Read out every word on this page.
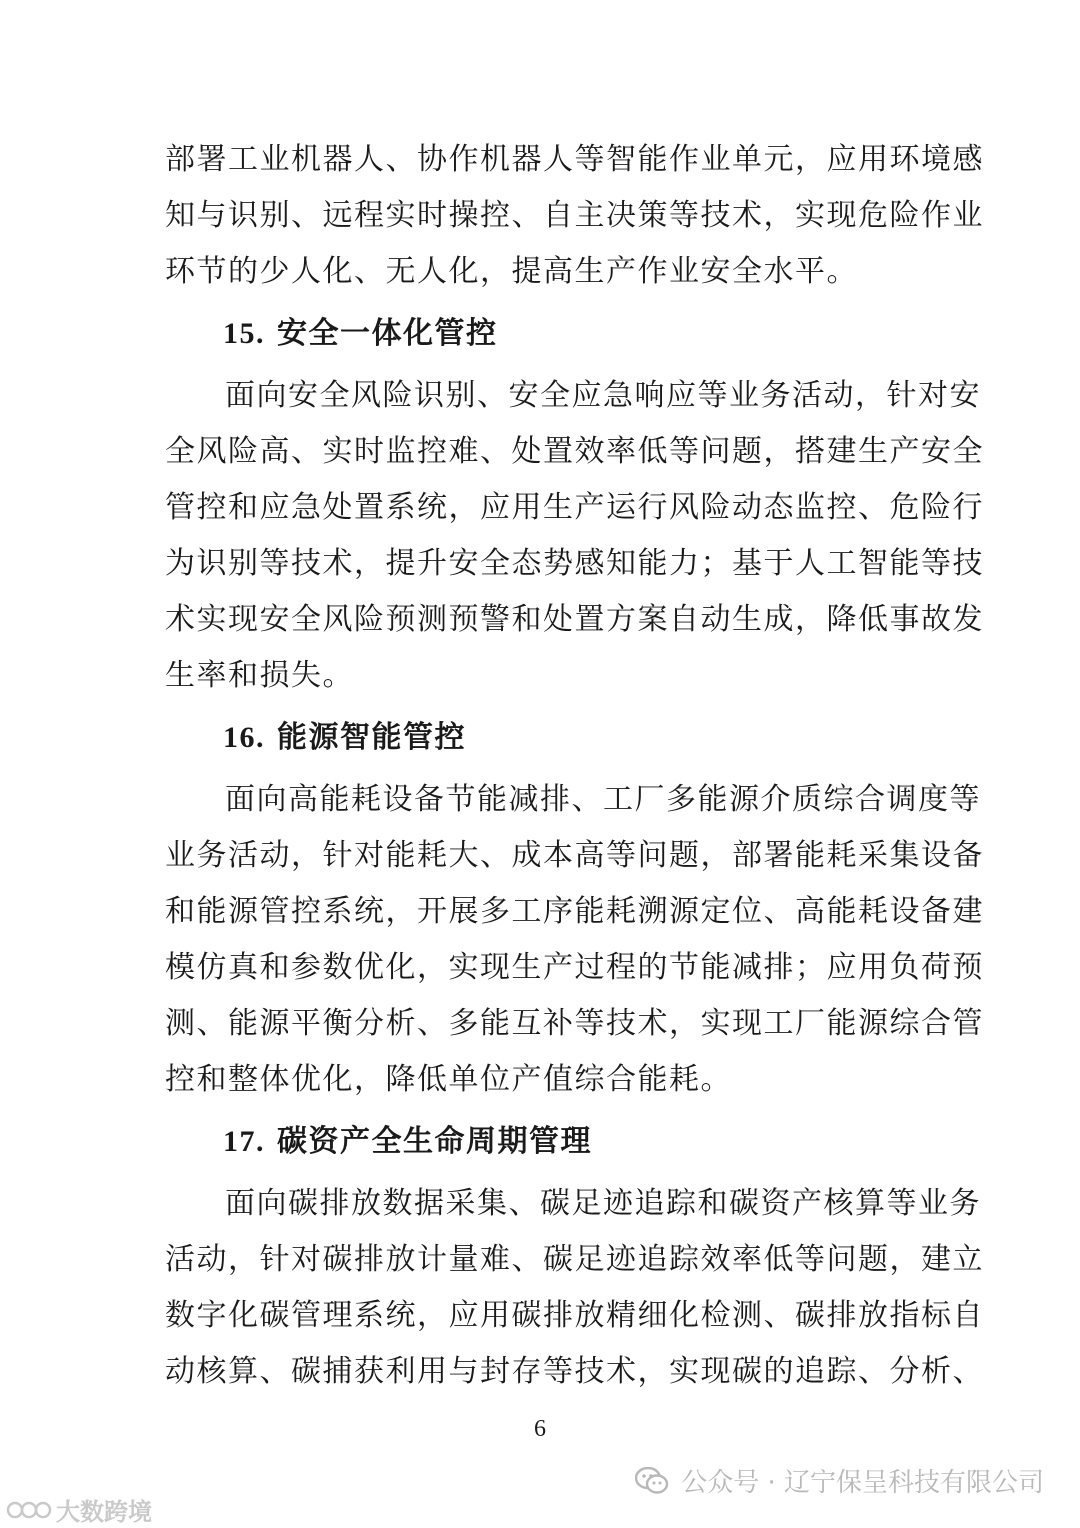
部署工业机器人、协作机器人等智能作业单元，应用环境感
知与识别、远程实时操控、自主决策等技术，实现危险作业
环节的少人化、无人化，提高生产作业安全水平。
15. 安全一体化管控
面向安全风险识别、安全应急响应等业务活动，针对安
全风险高、实时监控难、处置效率低等问题，搭建生产安全
管控和应急处置系统，应用生产运行风险动态监控、危险行
为识别等技术，提升安全态势感知能力；基于人工智能等技
术实现安全风险预测预警和处置方案自动生成，降低事故发
生率和损失。
16. 能源智能管控
面向高能耗设备节能减排、工厂多能源介质综合调度等
业务活动，针对能耗大、成本高等问题，部署能耗采集设备
和能源管控系统，开展多工序能耗溯源定位、高能耗设备建
模仿真和参数优化，实现生产过程的节能减排；应用负荷预
测、能源平衡分析、多能互补等技术，实现工厂能源综合管
控和整体优化，降低单位产值综合能耗。
17. 碳资产全生命周期管理
面向碳排放数据采集、碳足迹追踪和碳资产核算等业务
活动，针对碳排放计量难、碳足迹追踪效率低等问题，建立
数字化碳管理系统，应用碳排放精细化检测、碳排放指标自
动核算、碳捕获利用与封存等技术，实现碳的追踪、分析、
6
公众号 · 辽宁保呈科技有限公司
大数跨境
